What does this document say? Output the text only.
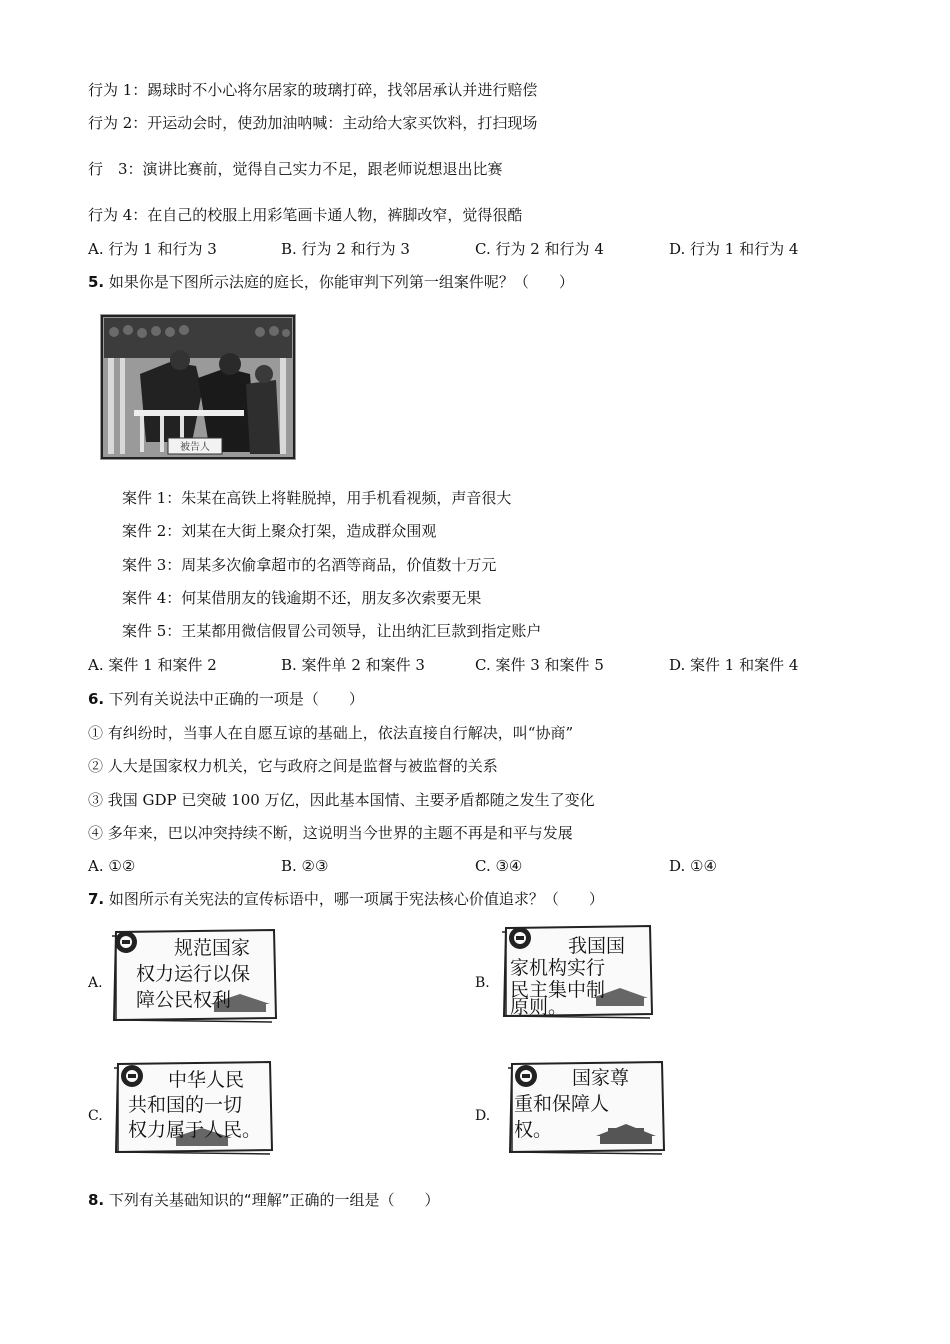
行为 1：踢球时不小心将尔居家的玻璃打碎，找邻居承认并进行赔偿
行为 2：开运动会时，使劲加油呐喊：主动给大家买饮料，打扫现场
行　3：演讲比赛前，觉得自己实力不足，跟老师说想退出比赛
行为 4：在自己的校服上用彩笔画卡通人物，裤脚改窄，觉得很酷
A. 行为 1 和行为 3	B. 行为 2 和行为 3	C. 行为 2 和行为 4	D. 行为 1 和行为 4
5. 如果你是下图所示法庭的庭长，你能审判下列第一组案件呢？（　　）
被告人
案件 1：朱某在高铁上将鞋脱掉，用手机看视频，声音很大
案件 2：刘某在大街上聚众打架，造成群众围观
案件 3：周某多次偷拿超市的名酒等商品，价值数十万元
案件 4：何某借朋友的钱逾期不还，朋友多次索要无果
案件 5：王某都用微信假冒公司领导，让出纳汇巨款到指定账户
A. 案件 1 和案件 2	B. 案件单 2 和案件 3	C. 案件 3 和案件 5	D. 案件 1 和案件 4
6. 下列有关说法中正确的一项是（　　）
① 有纠纷时，当事人在自愿互谅的基础上，依法直接自行解决，叫“协商”
② 人大是国家权力机关，它与政府之间是监督与被监督的关系
③ 我国 GDP 已突破 100 万亿，因此基本国情、主要矛盾都随之发生了变化
④ 多年来，巴以冲突持续不断，这说明当今世界的主题不再是和平与发展
A. ①②	B. ②③	C. ③④	D. ①④
7. 如图所示有关宪法的宣传标语中，哪一项属于宪法核心价值追求？（　　）
A.
规范国家
权力运行以保
障公民权利
B.
我国国
家机构实行
民主集中制
原则。
C.
中华人民
共和国的一切
权力属于人民。
D.
国家尊
重和保障人
权。
8. 下列有关基础知识的“理解”正确的一组是（　　）
